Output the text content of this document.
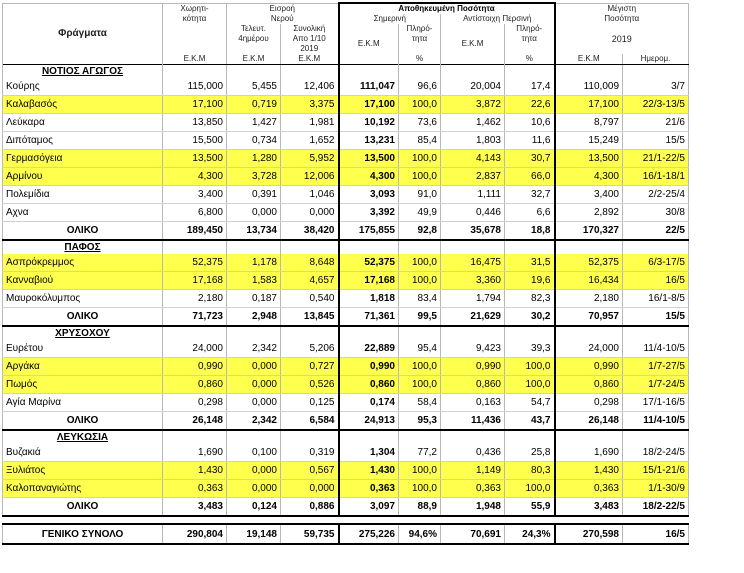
Φράγματα	Χωρητι-
κότητα	Εισροή
Νερού		Αποθηκευμένη Ποσότητα				Μέγιστη
Ποσότητα	
				Σημερινή		Αντίστοιχη Περσινή			
		Τελευτ.
4ημέρου	Συνολική
Απο 1/10
2019	Ε.Κ.Μ	Πληρό-
τητα	Ε.Κ.Μ	Πληρό-
τητα		
								2019	
	Ε.Κ.Μ	Ε.Κ.Μ	Ε.Κ.Μ		%		%	Ε.Κ.Μ	Ημερομ.
ΝΟΤΙΟΣ ΑΓΩΓΟΣ									
Κούρης	115,000	5,455	12,406	111,047	96,6	20,004	17,4	110,009	3/7
Καλαβασός	17,100	0,719	3,375	17,100	100,0	3,872	22,6	17,100	22/3-13/5
Λεύκαρα	13,850	1,427	1,981	10,192	73,6	1,462	10,6	8,797	21/6
Διπόταμος	15,500	0,734	1,652	13,231	85,4	1,803	11,6	15,249	15/5
Γερμασόγεια	13,500	1,280	5,952	13,500	100,0	4,143	30,7	13,500	21/1-22/5
Αρμίνου	4,300	3,728	12,006	4,300	100,0	2,837	66,0	4,300	16/1-18/1
Πολεμίδια	3,400	0,391	1,046	3,093	91,0	1,111	32,7	3,400	2/2-25/4
Αχνα	6,800	0,000	0,000	3,392	49,9	0,446	6,6	2,892	30/8
ΟΛΙΚΟ	189,450	13,734	38,420	175,855	92,8	35,678	18,8	170,327	22/5
ΠΑΦΟΣ									
Ασπρόκρεμμος	52,375	1,178	8,648	52,375	100,0	16,475	31,5	52,375	6/3-17/5
Κανναβιού	17,168	1,583	4,657	17,168	100,0	3,360	19,6	16,434	16/5
Μαυροκόλυμπος	2,180	0,187	0,540	1,818	83,4	1,794	82,3	2,180	16/1-8/5
ΟΛΙΚΟ	71,723	2,948	13,845	71,361	99,5	21,629	30,2	70,957	15/5
ΧΡΥΣΟΧΟΥ									
Ευρέτου	24,000	2,342	5,206	22,889	95,4	9,423	39,3	24,000	11/4-10/5
Αργάκα	0,990	0,000	0,727	0,990	100,0	0,990	100,0	0,990	1/7-27/5
Πωμός	0,860	0,000	0,526	0,860	100,0	0,860	100,0	0,860	1/7-24/5
Αγία Μαρίνα	0,298	0,000	0,125	0,174	58,4	0,163	54,7	0,298	17/1-16/5
ΟΛΙΚΟ	26,148	2,342	6,584	24,913	95,3	11,436	43,7	26,148	11/4-10/5
ΛΕΥΚΩΣΙΑ									
Βυζακιά	1,690	0,100	0,319	1,304	77,2	0,436	25,8	1,690	18/2-24/5
Ξυλιάτος	1,430	0,000	0,567	1,430	100,0	1,149	80,3	1,430	15/1-21/6
Καλοπαναγιώτης	0,363	0,000	0,000	0,363	100,0	0,363	100,0	0,363	1/1-30/9
ΟΛΙΚΟ	3,483	0,124	0,886	3,097	88,9	1,948	55,9	3,483	18/2-22/5

ΓΕΝΙΚΟ ΣΥΝΟΛΟ	290,804	19,148	59,735	275,226	94,6%	70,691	24,3%	270,598	16/5
